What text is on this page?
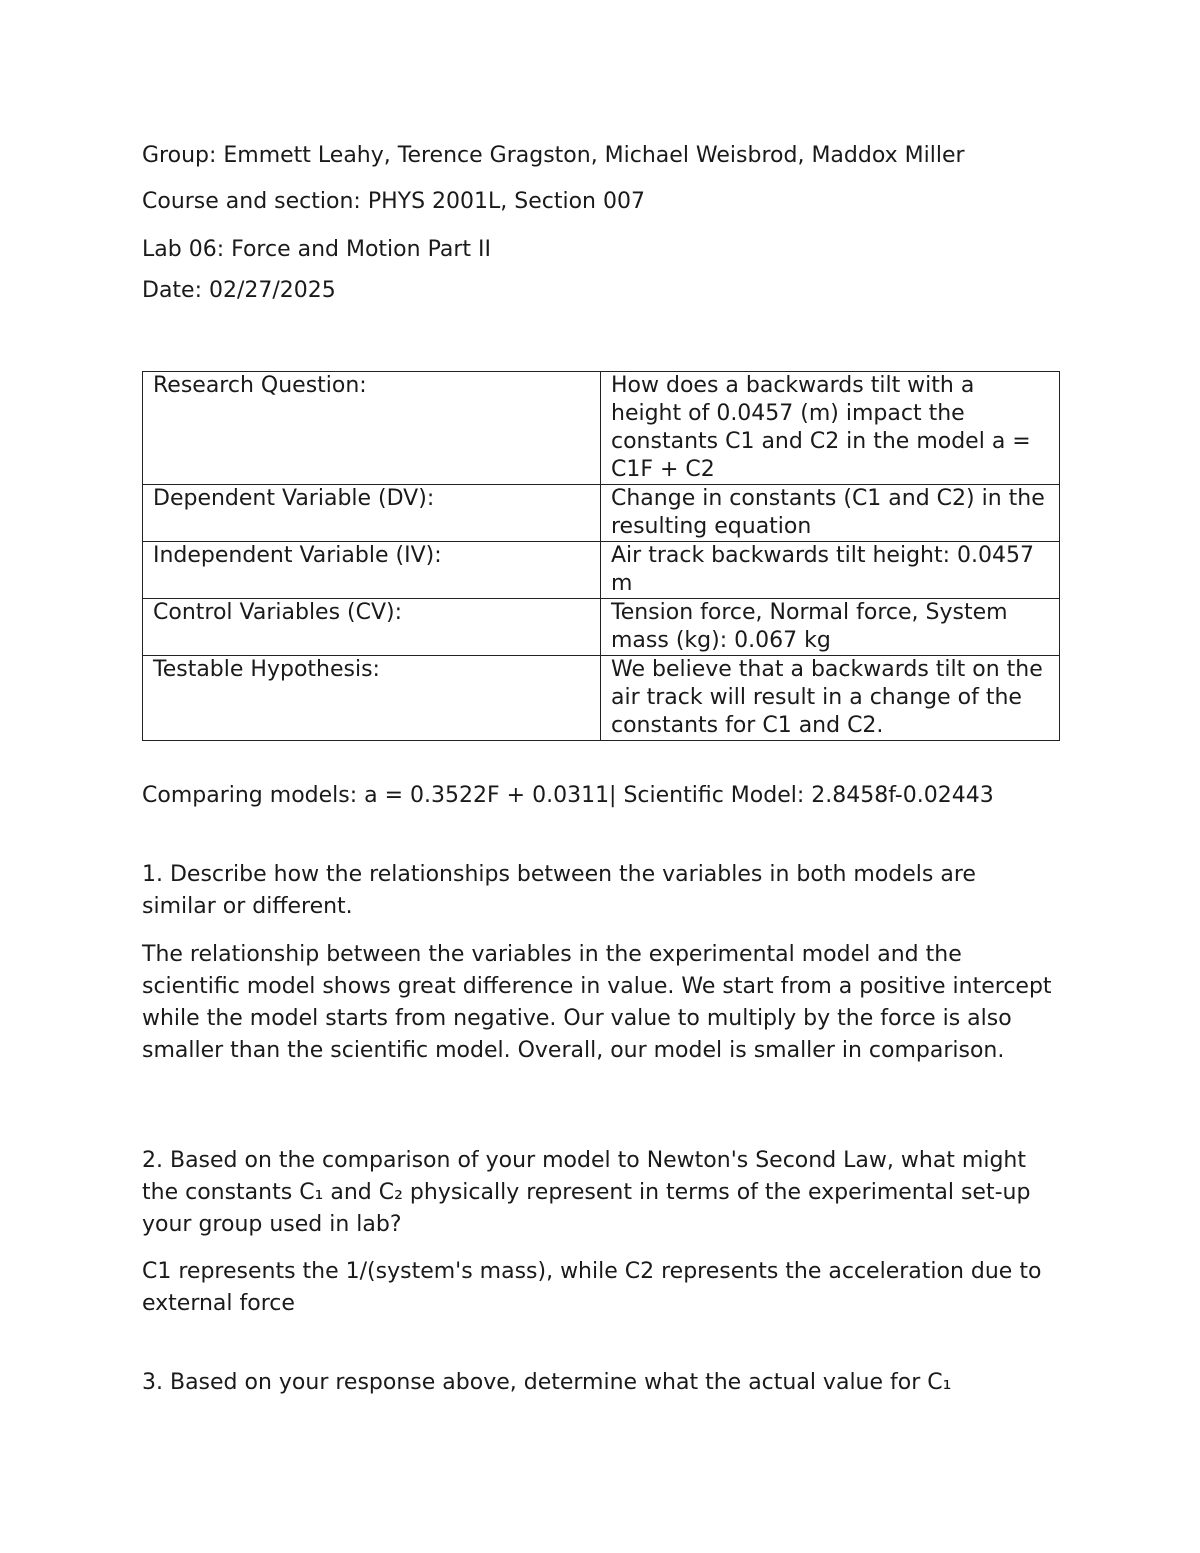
Group: Emmett Leahy, Terence Gragston, Michael Weisbrod, Maddox Miller

Course and section: PHYS 2001L, Section 007

Lab 06: Force and Motion Part II

Date: 02/27/2025

Research Question:	How does a backwards tilt with a height of 0.0457 (m) impact the constants C1 and C2 in the model a = C1F + C2
Dependent Variable (DV):	Change in constants (C1 and C2) in the resulting equation
Independent Variable (IV):	Air track backwards tilt height: 0.0457 m
Control Variables (CV):	Tension force, Normal force, System mass (kg): 0.067 kg
Testable Hypothesis:	We believe that a backwards tilt on the air track will result in a change of the constants for C1 and C2.

Comparing models: a = 0.3522F + 0.0311| Scientific Model: 2.8458f-0.02443

1. Describe how the relationships between the variables in both models are similar or different.

The relationship between the variables in the experimental model and the scientific model shows great difference in value. We start from a positive intercept while the model starts from negative. Our value to multiply by the force is also smaller than the scientific model. Overall, our model is smaller in comparison.

2. Based on the comparison of your model to Newton's Second Law, what might the constants C₁ and C₂ physically represent in terms of the experimental set-up your group used in lab?

C1 represents the 1/(system's mass), while C2 represents the acceleration due to external force

3. Based on your response above, determine what the actual value for C₁
